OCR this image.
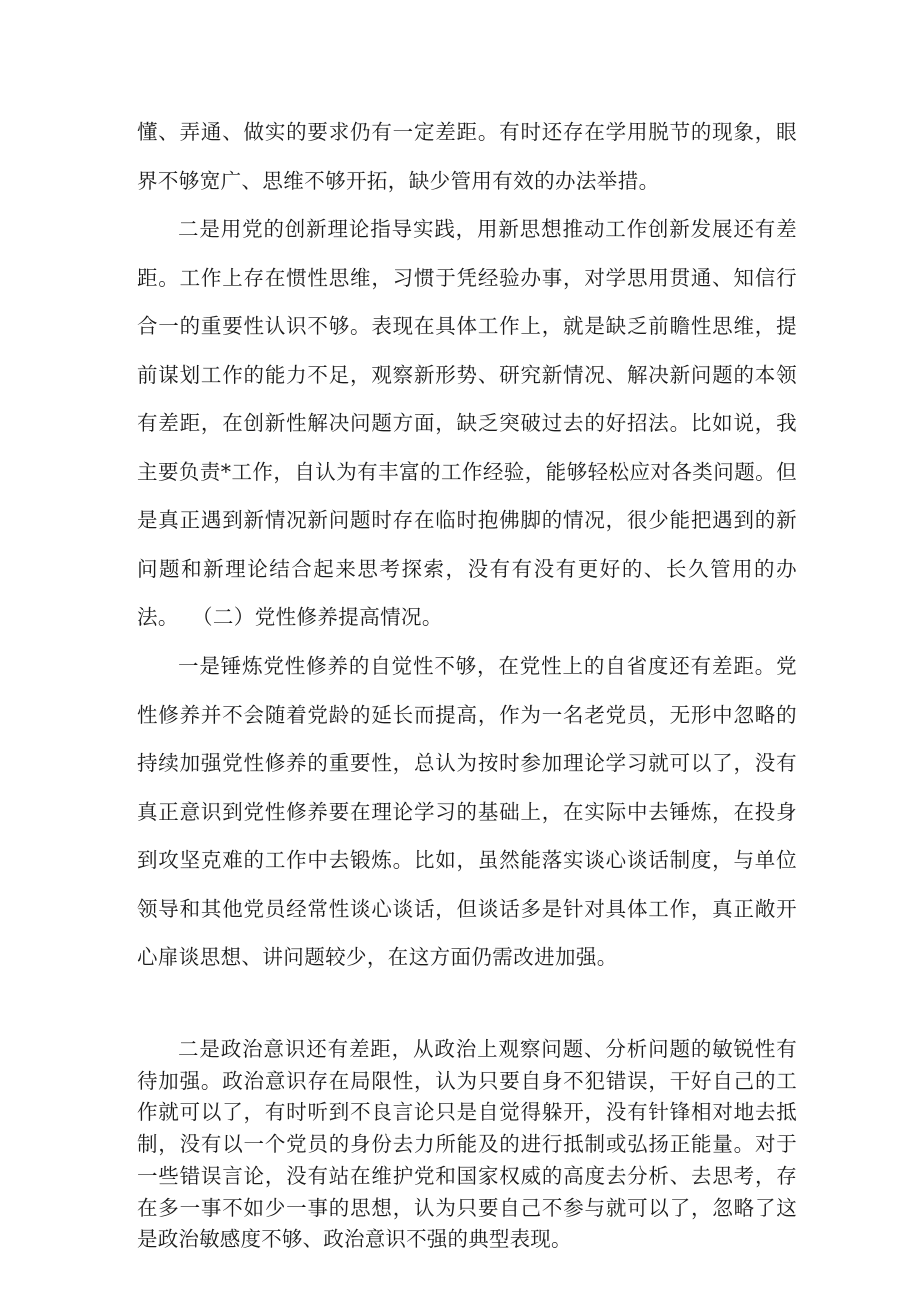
懂、弄通、做实的要求仍有一定差距。有时还存在学用脱节的现象，眼界不够宽广、思维不够开拓，缺少管用有效的办法举措。

二是用党的创新理论指导实践，用新思想推动工作创新发展还有差距。工作上存在惯性思维，习惯于凭经验办事，对学思用贯通、知信行合一的重要性认识不够。表现在具体工作上，就是缺乏前瞻性思维，提前谋划工作的能力不足，观察新形势、研究新情况、解决新问题的本领有差距，在创新性解决问题方面，缺乏突破过去的好招法。比如说，我主要负责*工作，自认为有丰富的工作经验，能够轻松应对各类问题。但是真正遇到新情况新问题时存在临时抱佛脚的情况，很少能把遇到的新问题和新理论结合起来思考探索，没有有没有更好的、长久管用的办法。 （二）党性修养提高情况。

一是锤炼党性修养的自觉性不够，在党性上的自省度还有差距。党性修养并不会随着党龄的延长而提高，作为一名老党员，无形中忽略的持续加强党性修养的重要性，总认为按时参加理论学习就可以了，没有真正意识到党性修养要在理论学习的基础上，在实际中去锤炼，在投身到攻坚克难的工作中去锻炼。比如，虽然能落实谈心谈话制度，与单位领导和其他党员经常性谈心谈话，但谈话多是针对具体工作，真正敞开心扉谈思想、讲问题较少，在这方面仍需改进加强。

二是政治意识还有差距，从政治上观察问题、分析问题的敏锐性有待加强。政治意识存在局限性，认为只要自身不犯错误，干好自己的工作就可以了，有时听到不良言论只是自觉得躲开，没有针锋相对地去抵制，没有以一个党员的身份去力所能及的进行抵制或弘扬正能量。对于一些错误言论，没有站在维护党和国家权威的高度去分析、去思考，存在多一事不如少一事的思想，认为只要自己不参与就可以了，忽略了这是政治敏感度不够、政治意识不强的典型表现。
